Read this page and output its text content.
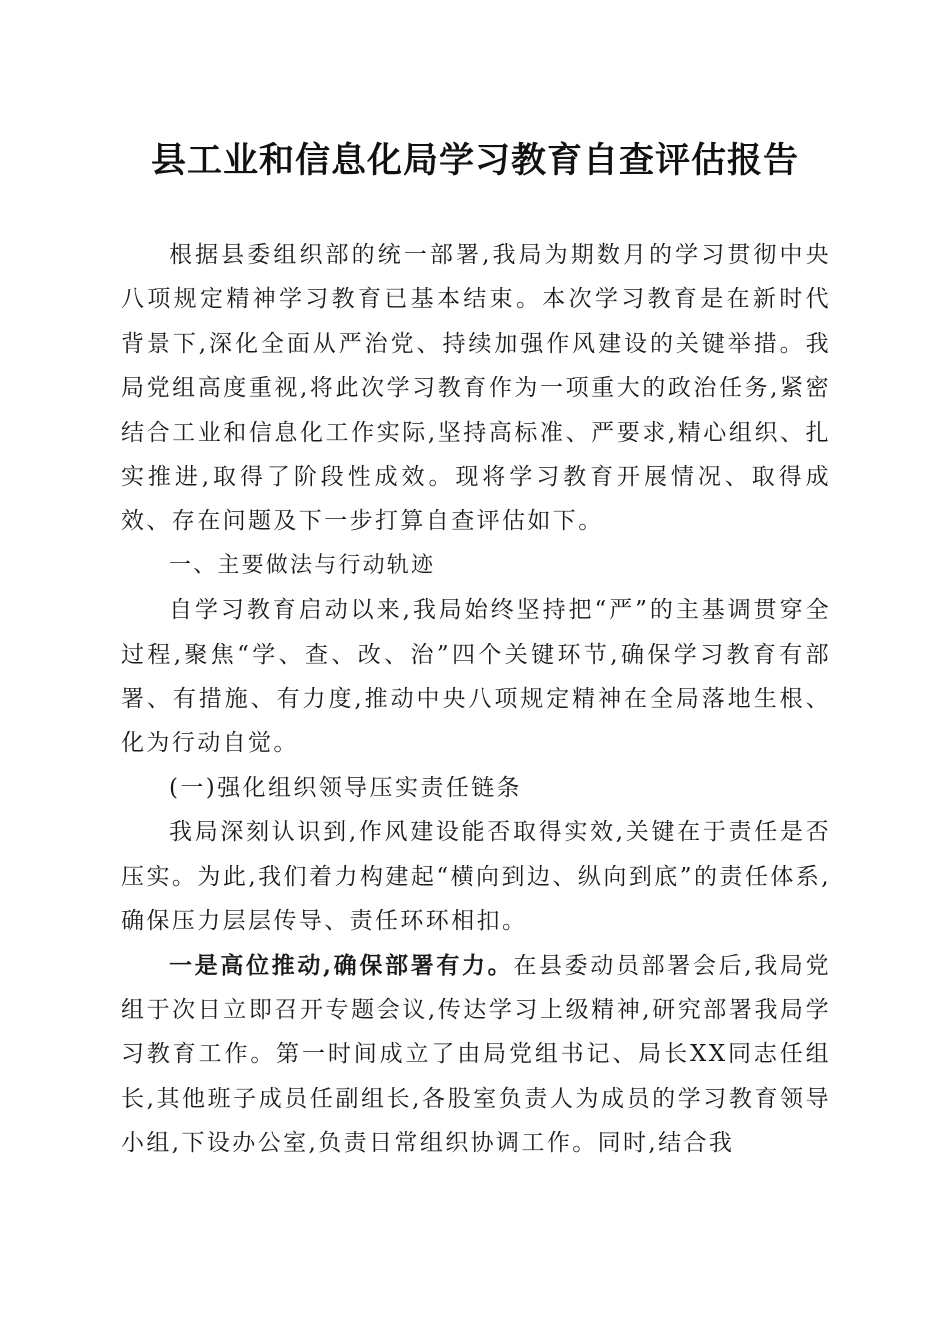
县工业和信息化局学习教育自查评估报告

根据县委组织部的统一部署,我局为期数月的学习贯彻中央八项规定精神学习教育已基本结束。本次学习教育是在新时代背景下,深化全面从严治党、持续加强作风建设的关键举措。我局党组高度重视,将此次学习教育作为一项重大的政治任务,紧密结合工业和信息化工作实际,坚持高标准、严要求,精心组织、扎实推进,取得了阶段性成效。现将学习教育开展情况、取得成效、存在问题及下一步打算自查评估如下。

一、主要做法与行动轨迹

自学习教育启动以来,我局始终坚持把“严”的主基调贯穿全过程,聚焦“学、查、改、治”四个关键环节,确保学习教育有部署、有措施、有力度,推动中央八项规定精神在全局落地生根、化为行动自觉。

(一)强化组织领导压实责任链条

我局深刻认识到,作风建设能否取得实效,关键在于责任是否压实。为此,我们着力构建起“横向到边、纵向到底”的责任体系,确保压力层层传导、责任环环相扣。

一是高位推动,确保部署有力。在县委动员部署会后,我局党组于次日立即召开专题会议,传达学习上级精神,研究部署我局学习教育工作。第一时间成立了由局党组书记、局长XX同志任组长,其他班子成员任副组长,各股室负责人为成员的学习教育领导小组,下设办公室,负责日常组织协调工作。同时,结合我
